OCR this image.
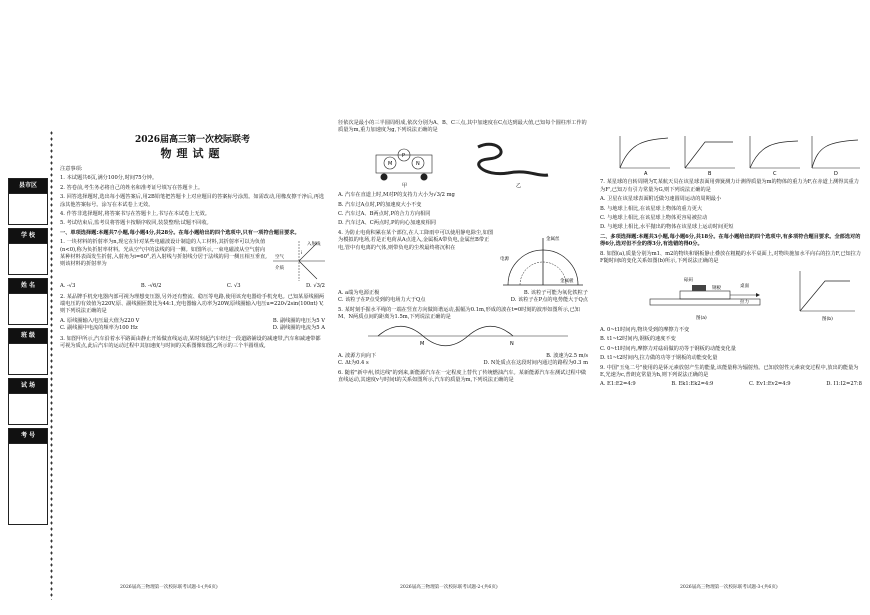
县市区
学 校
姓 名
班 级
试 场
考 号
2026届高三第一次校际联考
物理试题

注意事项:

1. 本试题共6页,满分100分,时间75分钟。

2. 答卷前,考生务必将自己的姓名和准考证号填写在答题卡上。

3. 回答选择题时,选出每小题答案后,用2B铅笔把答题卡上对应题目的答案标号涂黑。如需改动,用橡皮擦干净后,再选涂其他答案标号。涂写在本试卷上无效。

4. 作答非选择题时,将答案书写在答题卡上,书写在本试卷上无效。

5. 考试结束后,监考员将答题卡按顺序收回,装袋整理;试题不回收。

一、单项选择题:本题共7小题,每小题4分,共28分。在每小题给出的四个选项中,只有一项符合题目要求。

1. 一块材料的折射率为n,现它在针对某些电磁波设计制造的人工材料,其折射率可以为负值(n<0),称为负折射率材料。光从空气中的法线的同一侧。如图所示,一束电磁波从空气射向某种材料表面发生折射,入射角为i=60°,若入射线与折射线分居于法线的同一侧且相互垂直,则该材料的折射率为

入射线
空气
介质
i
A. -√3	B. -√6/2	C. √3	D. √3/2

2. 某品牌手机充电器内部可视为理想变压器,另外还有整流、稳压等电路,使用该充电器给手机充电。已知某原线圈两端电压的有效值为220V,原、副线圈匝数比为44:1,充电器输入功率为20W,原线圈输入电压u=220√2sin(100πt) V,则下列说法正确的是

A. 原线圈输入电压最大值为220 V	B. 副线圈的电压为5 V
C. 副线圈中电流的频率为100 Hz	D. 副线圈的电流为5 A

3. 如图甲所示,汽车沿着水平路面由静止开始做直线运动,某时刻起汽车经过一段道路铺设的减速带,汽车和减速带都可视为质点,此后汽车的运动过程中其加速度与时间的关系图像如图乙所示的三个半圆组成,

2026届高三物理第一次校际联考试题-1-(共6页)

径依次是最小的三半圆周组成,依次分别为A、B、C三点,其中加速度在C点达到最大值,已知每个圆柱形工作的质量为m,重力加速度为g,下列说法正确的是

P
M	N
甲	乙

A. 汽车在直道上时,M对P的支持力大小为√3/2 mg

B. 汽车过A点时,P的加速度大小不变

C. 汽车过A、B两点时,P的合力方向相同

D. 汽车过A、C两点时,P的向心加速度相同

4. 为防止电荷积累在某个部位,在人工降雨中可以使用静电除尘,如图为模拟的电场,若是正电荷从A点进入,金属板A带负电,金属丝B带正电,管中有电离的气体,则带负电的尘埃最终将沉积在

金属丝
金属板
电源
A. a端为电源正极	B. 该粒子可能为氧化铁粒子
C. 该粒子在P点受到的电场力大于Q点	D. 该粒子在P点的电势能大于Q点

5. 某时刻手握水平绳的一端在竖直方向做简谐运动,振幅为0.1m,形成的波在t=0时刻的波形如图所示,已知M、N两质点间的距离为1.5m,下列说法正确的是

M	N
A. 波源方向向下	B. 波速为2.5 m/s
C. Δt为0.4 s	D. N处质点在这段时间内通过的路程为0.3 m

6. 随着"新中州,铁达线"的到来,新能源汽车在一定程度上替代了传统燃油汽车。某新能源汽车在测试过程中做直线运动,其速度v与时间t的关系如图所示,汽车的质量为m,下列说法正确的是

2026届高三物理第一次校际联考试题-2-(共6页)
A	B	C	D

7. 某星球的自转周期为T,某航天员在该星球表面用弹簧测力计测得质量为m的物体的重力为F,在赤道上测得其重力为F',已知万有引力常量为G,则下列说法正确的是

A. 卫星在该星球表面附近做匀速圆周运动的周期最小

B. 与地球上相比,在该星球上物体的重力更大

C. 与地球上相比,在该星球上物体更容易被拉动

D. 与地球上相比,水平抛出的物体在该星球上运动时间更短

二、多项选择题:本题共3小题,每小题6分,共18分。在每小题给出的四个选项中,有多项符合题目要求。全部选对的得6分,选对但不全的得3分,有选错的得0分。

8. 如图(a),质量分别为m1、m2的物块和钢板静止叠放在粗糙的水平桌面上,对物块施加水平向右的拉力F,已知拉力F随时间t的变化关系如图(b)所示,下列说法正确的是

砝码
钢板	桌面
拉力
图(a)	图(b)

A. 0~t1时间内,物块受到的摩擦力不变

B. t1~t2时间内,钢板的速度不变

C. 0~t1时间内,摩擦力对砝码做的功等于钢板的动能变化量

D. t1~t2时间内,拉力做的功等于钢板的动能变化量

9. 中国"玉兔二号"使用的是钚元素放射产生的能量,该能量称为辐射热。已知放射性元素衰变过程中,放出的能量为E,光速为c,普朗克常量为h,则下列说法正确的是

A. E1:E2=4:9	B. Ek1:Ek2=4:9	C. Ev1:Ev2=4:9	D. I1:I2=27:8
2026届高三物理第一次校际联考试题-3-(共6页)
